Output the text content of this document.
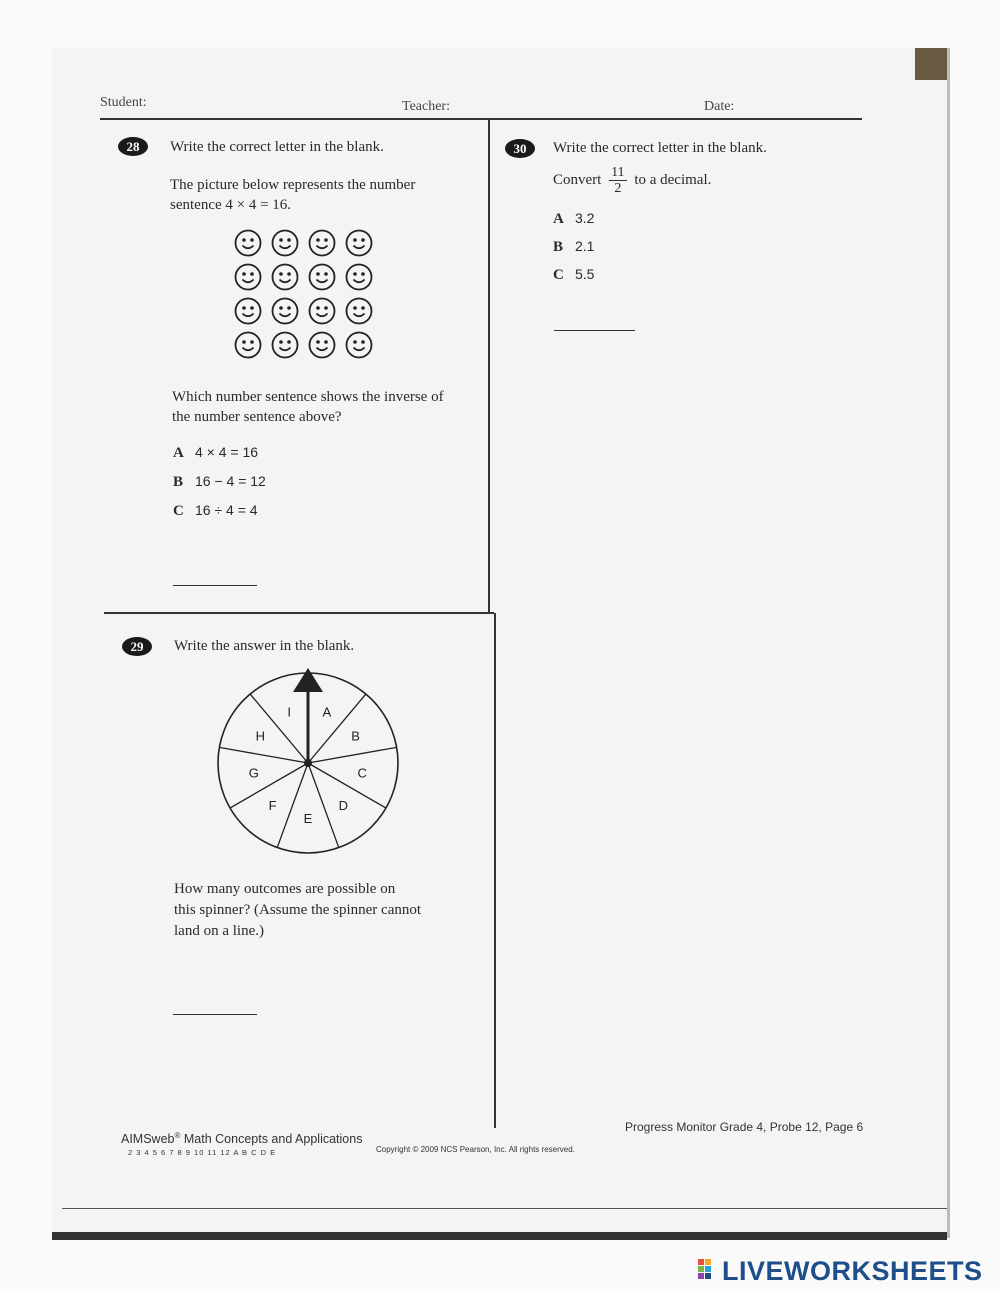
Student:	Teacher:	Date:
28	Write the correct letter in the blank.
The picture below represents the number
sentence 4 × 4 = 16.
Which number sentence shows the inverse of
the number sentence above?
A 4 × 4 = 16
B 16 − 4 = 12
C 16 ÷ 4 = 4
29	Write the answer in the blank.
A
B
C
D
E
F
G
H
I
How many outcomes are possible on
this spinner? (Assume the spinner cannot
land on a line.)
30	Write the correct letter in the blank.
Convert $\frac{11}{2}$ to a decimal.
A 3.2
B 2.1
C 5.5
AIMSweb® Math Concepts and Applications
2 3 4 5 6 7 8 9 10 11 12 A B C D E	Copyright © 2009 NCS Pearson, Inc. All rights reserved.
Progress Monitor Grade 4, Probe 12, Page 6
LIVEWORKSHEETS
